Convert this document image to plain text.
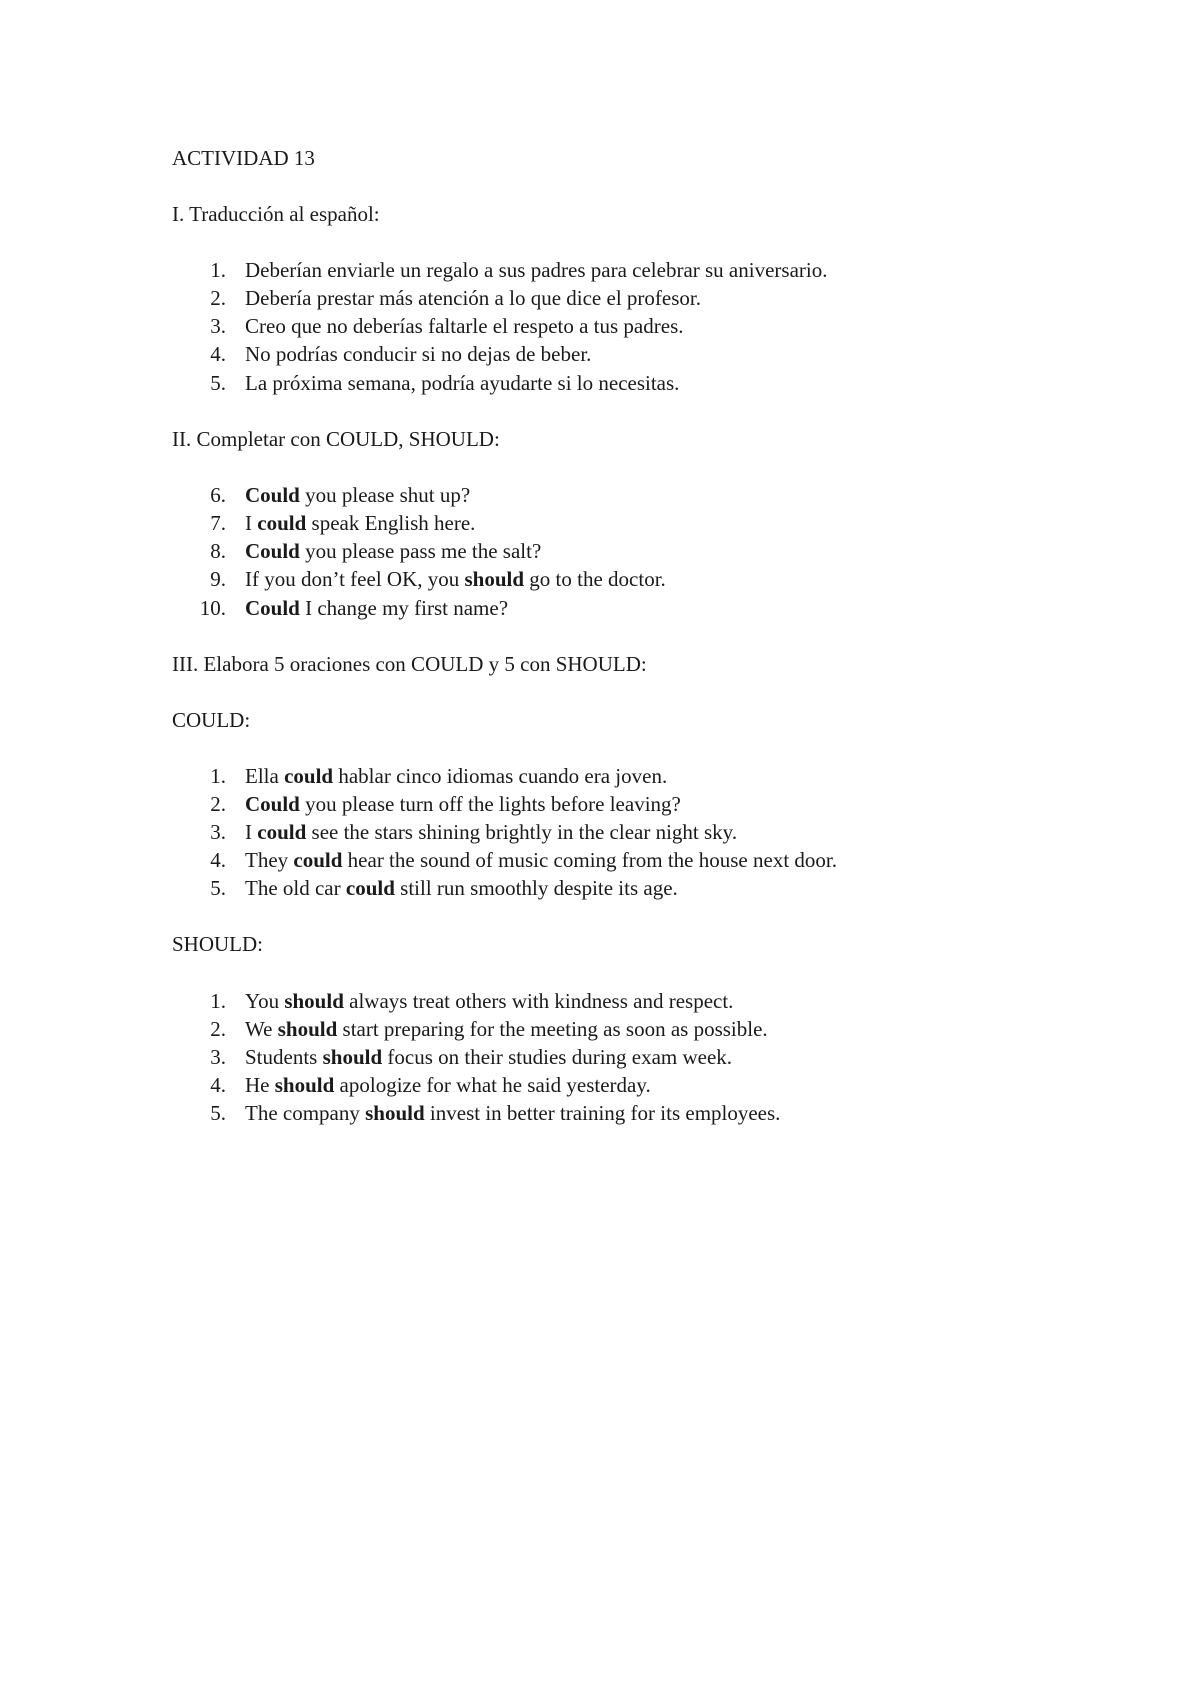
ACTIVIDAD 13
I. Traducción al español:
1. Deberían enviarle un regalo a sus padres para celebrar su aniversario.
2. Debería prestar más atención a lo que dice el profesor.
3. Creo que no deberías faltarle el respeto a tus padres.
4. No podrías conducir si no dejas de beber.
5. La próxima semana, podría ayudarte si lo necesitas.
II. Completar con COULD, SHOULD:
6. Could you please shut up?
7. I could speak English here.
8. Could you please pass me the salt?
9. If you don’t feel OK, you should go to the doctor.
10. Could I change my first name?
III. Elabora 5 oraciones con COULD y 5 con SHOULD:
COULD:
1. Ella could hablar cinco idiomas cuando era joven.
2. Could you please turn off the lights before leaving?
3. I could see the stars shining brightly in the clear night sky.
4. They could hear the sound of music coming from the house next door.
5. The old car could still run smoothly despite its age.
SHOULD:
1. You should always treat others with kindness and respect.
2. We should start preparing for the meeting as soon as possible.
3. Students should focus on their studies during exam week.
4. He should apologize for what he said yesterday.
5. The company should invest in better training for its employees.
